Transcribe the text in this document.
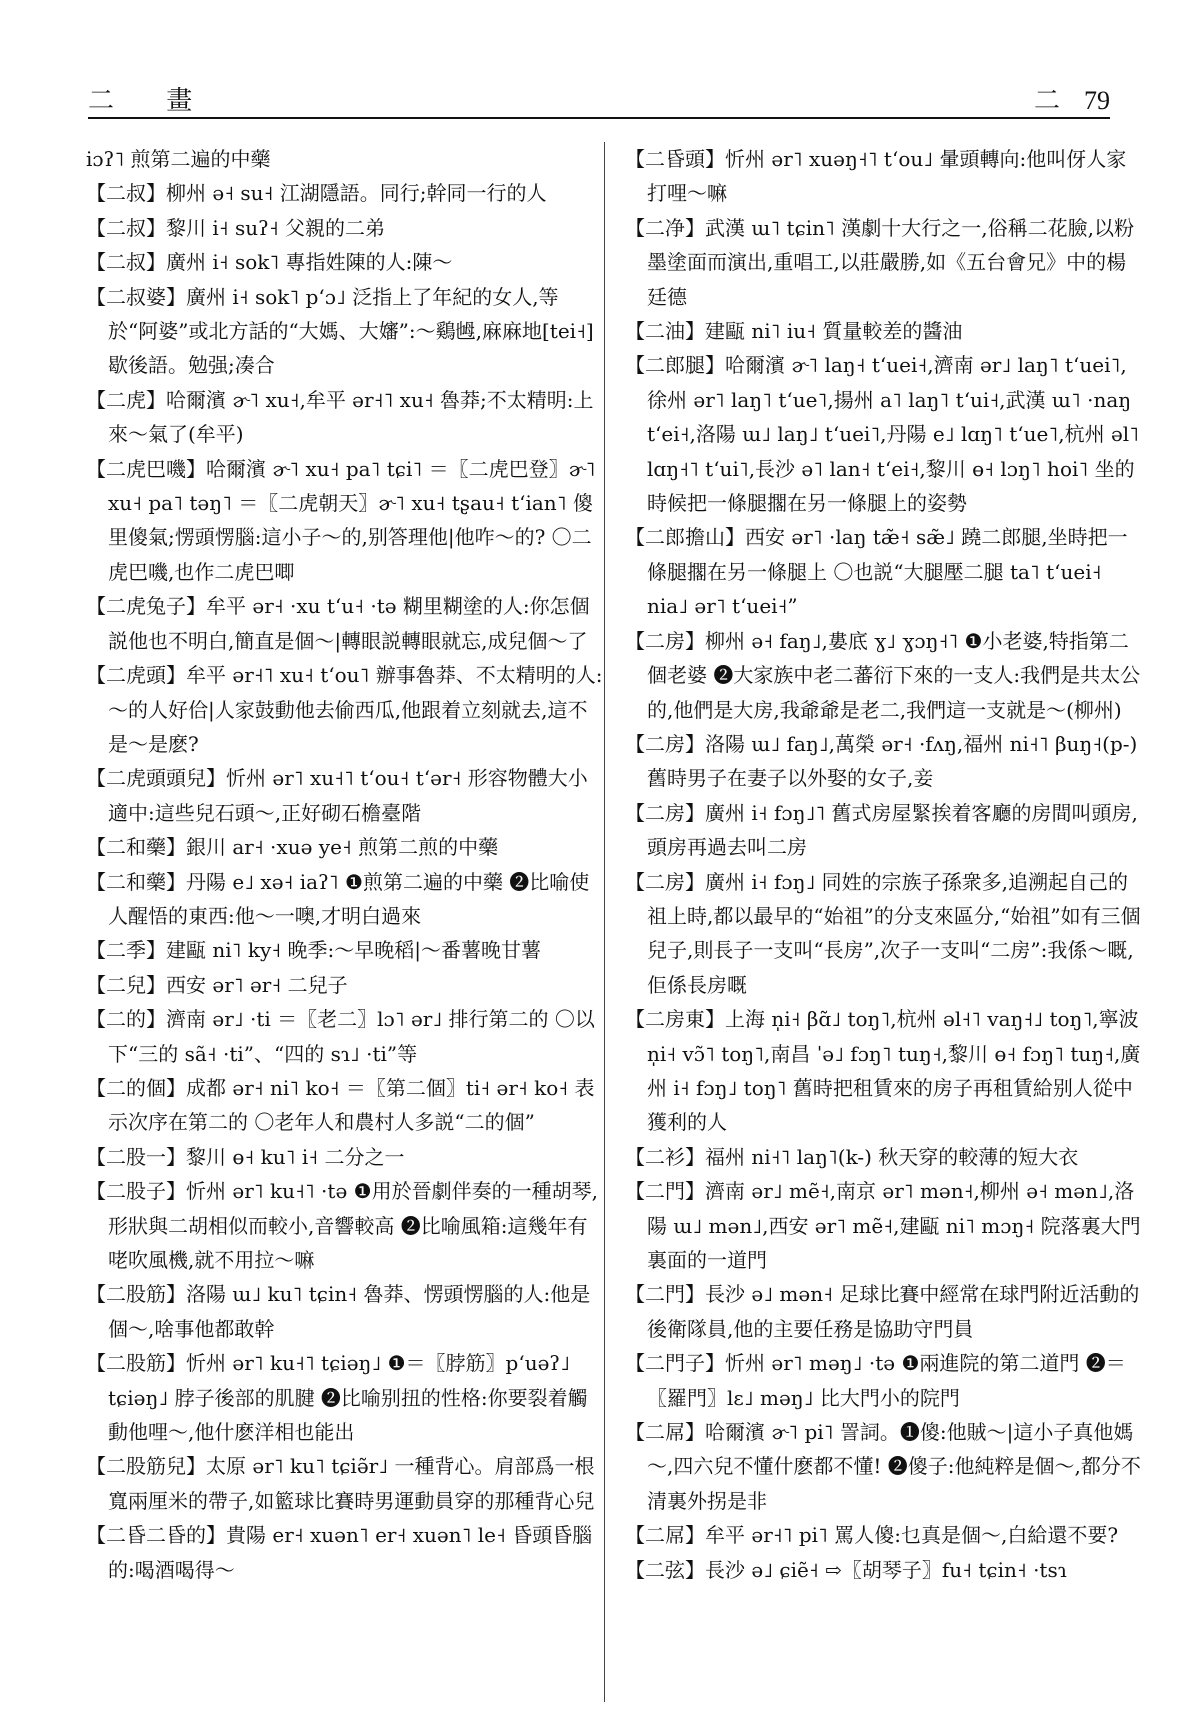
二 畫	二 79

iɔʔ˥ 煎第二遍的中藥

【二叔】柳州 ə˧ su˧ 江湖隱語。同行;幹同一行的人

【二叔】黎川 i˧ suʔ˧ 父親的二弟

【二叔】廣州 i˧ sok˥ 專指姓陳的人:陳～

【二叔婆】廣州 i˧ sok˥ pʻɔ˩ 泛指上了年紀的女人,等於“阿婆”或北方話的“大媽、大嬸”:～鷄乸,麻麻地[tei˧]歇後語。勉强;凑合

【二虎】哈爾濱 ɚ˥ xu˧,牟平 ər˧˥ xu˧ 魯莽;不太精明:上來～氣了(牟平)

【二虎巴嘰】哈爾濱 ɚ˥ xu˧ pa˥ tɕi˥ ＝〖二虎巴登〗ɚ˥ xu˧ pa˥ təŋ˥ ＝〖二虎朝天〗ɚ˥ xu˧ tʂau˧ tʻian˥ 傻里傻氣;愣頭愣腦:這小子～的,别答理他|他咋～的? 〇二虎巴嘰,也作二虎巴唧

【二虎兔子】牟平 ər˧ ·xu tʻu˧ ·tə 糊里糊塗的人:你怎個説他也不明白,簡直是個～|轉眼説轉眼就忘,成兒個～了

【二虎頭】牟平 ər˧˥ xu˧ tʻou˥ 辦事魯莽、不太精明的人:～的人好佮|人家鼓動他去偷西瓜,他跟着立刻就去,這不是～是麽?

【二虎頭頭兒】忻州 ər˥ xu˧˥ tʻou˧ tʻər˧ 形容物體大小適中:這些兒石頭～,正好砌石檐臺階

【二和藥】銀川 ar˧ ·xuə ye˧ 煎第二煎的中藥

【二和藥】丹陽 e˩ xə˧ iaʔ˥ ❶煎第二遍的中藥 ❷比喻使人醒悟的東西:他～一噢,才明白過來

【二季】建甌 ni˥ ky˧ 晚季:～早晚稻|～番薯晚甘薯

【二兒】西安 ər˥ ər˧ 二兒子

【二的】濟南 ər˩ ·ti ＝〖老二〗lɔ˥ ər˩ 排行第二的 〇以下“三的 sã˧ ·ti”、“四的 sɿ˩ ·ti”等

【二的個】成都 ər˧ ni˥ ko˧ ＝〖第二個〗ti˧ ər˧ ko˧ 表示次序在第二的 〇老年人和農村人多説“二的個”

【二股一】黎川 ɵ˧ ku˥ i˧ 二分之一

【二股子】忻州 ər˥ ku˧˥ ·tə ❶用於晉劇伴奏的一種胡琴,形狀與二胡相似而較小,音響較高 ❷比喻風箱:這幾年有咾吹風機,就不用拉～嘛

【二股筋】洛陽 ɯ˩ ku˥ tɕin˧ 魯莽、愣頭愣腦的人:他是個～,啥事他都敢幹

【二股筋】忻州 ər˥ ku˧˥ tɕiəŋ˩ ❶＝〖脖筋〗pʻuəʔ˩ tɕiəŋ˩ 脖子後部的肌腱 ❷比喻别扭的性格:你要裂着觸動他哩～,他什麽洋相也能出

【二股筋兒】太原 ər˥ ku˥ tɕiə̃r˩ 一種背心。肩部爲一根寬兩厘米的帶子,如籃球比賽時男運動員穿的那種背心兒

【二昏二昏的】貴陽 er˧ xuən˥ er˧ xuən˥ le˧ 昏頭昏腦的:喝酒喝得～

【二昏頭】忻州 ər˥ xuəŋ˧˥ tʻou˩ 暈頭轉向:他叫伢人家打哩～嘛

【二净】武漢 ɯ˥ tɕin˥ 漢劇十大行之一,俗稱二花臉,以粉墨塗面而演出,重唱工,以莊嚴勝,如《五台會兄》中的楊廷德

【二油】建甌 ni˥ iu˧ 質量較差的醬油

【二郎腿】哈爾濱 ɚ˥ laŋ˧ tʻuei˧,濟南 ər˩ laŋ˥ tʻuei˥,徐州 ər˥ laŋ˥ tʻue˥,揚州 a˥ laŋ˥ tʻui˧,武漢 ɯ˥ ·naŋ tʻei˧,洛陽 ɯ˩ laŋ˩ tʻuei˥,丹陽 e˩ lɑŋ˥ tʻue˥,杭州 əl˥ lɑŋ˧˥ tʻui˥,長沙 ə˥ lan˧ tʻei˧,黎川 ɵ˧ lɔŋ˥ hoi˥ 坐的時候把一條腿擱在另一條腿上的姿勢

【二郎擔山】西安 ər˥ ·laŋ tæ̃˧ sæ̃˩ 蹺二郎腿,坐時把一條腿擱在另一條腿上 〇也説“大腿壓二腿 ta˥ tʻuei˧ nia˩ ər˥ tʻuei˧”

【二房】柳州 ə˧ faŋ˩,婁底 ɣ˩ ɣɔŋ˧˥ ❶小老婆,特指第二個老婆 ❷大家族中老二蕃衍下來的一支人:我們是共太公的,他們是大房,我爺爺是老二,我們這一支就是～(柳州)

【二房】洛陽 ɯ˩ faŋ˩,萬榮 ər˧ ·fʌŋ,福州 ni˧˥ βuŋ˧(p-) 舊時男子在妻子以外娶的女子,妾

【二房】廣州 i˧ fɔŋ˩˥ 舊式房屋緊挨着客廳的房間叫頭房,頭房再過去叫二房

【二房】廣州 i˧ fɔŋ˩ 同姓的宗族子孫衆多,追溯起自己的祖上時,都以最早的“始祖”的分支來區分,“始祖”如有三個兒子,則長子一支叫“長房”,次子一支叫“二房”:我係～嘅,佢係長房嘅

【二房東】上海 n̩i˧ βɑ̃˩ toŋ˥,杭州 əl˧˥ vaŋ˧˩ toŋ˥,寧波 n̩i˧ vɔ̃˥ toŋ˥,南昌 ˈə˩ fɔŋ˥ tuŋ˧,黎川 ɵ˧ fɔŋ˥ tuŋ˧,廣州 i˧ fɔŋ˩ toŋ˥ 舊時把租賃來的房子再租賃給别人從中獲利的人

【二衫】福州 ni˧˥ laŋ˥(k-) 秋天穿的較薄的短大衣

【二門】濟南 ər˩ mẽ˧,南京 ər˥ mən˧,柳州 ə˧ mən˩,洛陽 ɯ˩ mən˩,西安 ər˥ mẽ˧,建甌 ni˥ mɔŋ˧ 院落裏大門裏面的一道門

【二門】長沙 ə˩ mən˧ 足球比賽中經常在球門附近活動的後衛隊員,他的主要任務是協助守門員

【二門子】忻州 ər˥ məŋ˩ ·tə ❶兩進院的第二道門 ❷＝〖羅門〗lɛ˩ məŋ˩ 比大門小的院門

【二屌】哈爾濱 ɚ˥ pi˥ 詈詞。❶傻:他賊～|這小子真他媽～,四六兒不懂什麽都不懂! ❷傻子:他純粹是個～,都分不清裏外拐是非

【二屌】牟平 ər˧˥ pi˥ 罵人傻:乜真是個～,白給還不要?

【二弦】長沙 ə˩ ɕiẽ˧ ⇨〖胡琴子〗fu˧ tɕin˧ ·tsɿ
